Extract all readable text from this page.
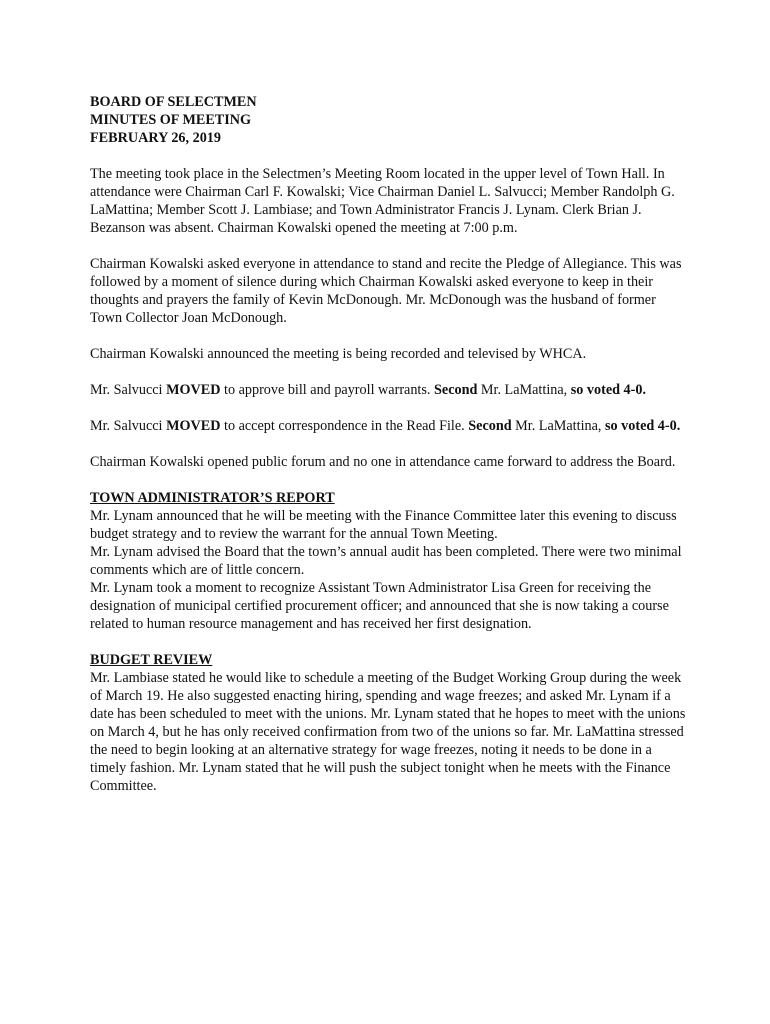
BOARD OF SELECTMEN
MINUTES OF MEETING
FEBRUARY 26, 2019

The meeting took place in the Selectmen’s Meeting Room located in the upper level of Town Hall. In attendance were Chairman Carl F. Kowalski; Vice Chairman Daniel L. Salvucci; Member Randolph G. LaMattina; Member Scott J. Lambiase; and Town Administrator Francis J. Lynam. Clerk Brian J. Bezanson was absent. Chairman Kowalski opened the meeting at 7:00 p.m.

Chairman Kowalski asked everyone in attendance to stand and recite the Pledge of Allegiance. This was followed by a moment of silence during which Chairman Kowalski asked everyone to keep in their thoughts and prayers the family of Kevin McDonough. Mr. McDonough was the husband of former Town Collector Joan McDonough.

Chairman Kowalski announced the meeting is being recorded and televised by WHCA.

Mr. Salvucci MOVED to approve bill and payroll warrants. Second Mr. LaMattina, so voted 4-0.

Mr. Salvucci MOVED to accept correspondence in the Read File. Second Mr. LaMattina, so voted 4-0.

Chairman Kowalski opened public forum and no one in attendance came forward to address the Board.

TOWN ADMINISTRATOR’S REPORT

Mr. Lynam announced that he will be meeting with the Finance Committee later this evening to discuss budget strategy and to review the warrant for the annual Town Meeting.

Mr. Lynam advised the Board that the town’s annual audit has been completed. There were two minimal comments which are of little concern.

Mr. Lynam took a moment to recognize Assistant Town Administrator Lisa Green for receiving the designation of municipal certified procurement officer; and announced that she is now taking a course related to human resource management and has received her first designation.

BUDGET REVIEW

Mr. Lambiase stated he would like to schedule a meeting of the Budget Working Group during the week of March 19. He also suggested enacting hiring, spending and wage freezes; and asked Mr. Lynam if a date has been scheduled to meet with the unions. Mr. Lynam stated that he hopes to meet with the unions on March 4, but he has only received confirmation from two of the unions so far. Mr. LaMattina stressed the need to begin looking at an alternative strategy for wage freezes, noting it needs to be done in a timely fashion. Mr. Lynam stated that he will push the subject tonight when he meets with the Finance Committee.
